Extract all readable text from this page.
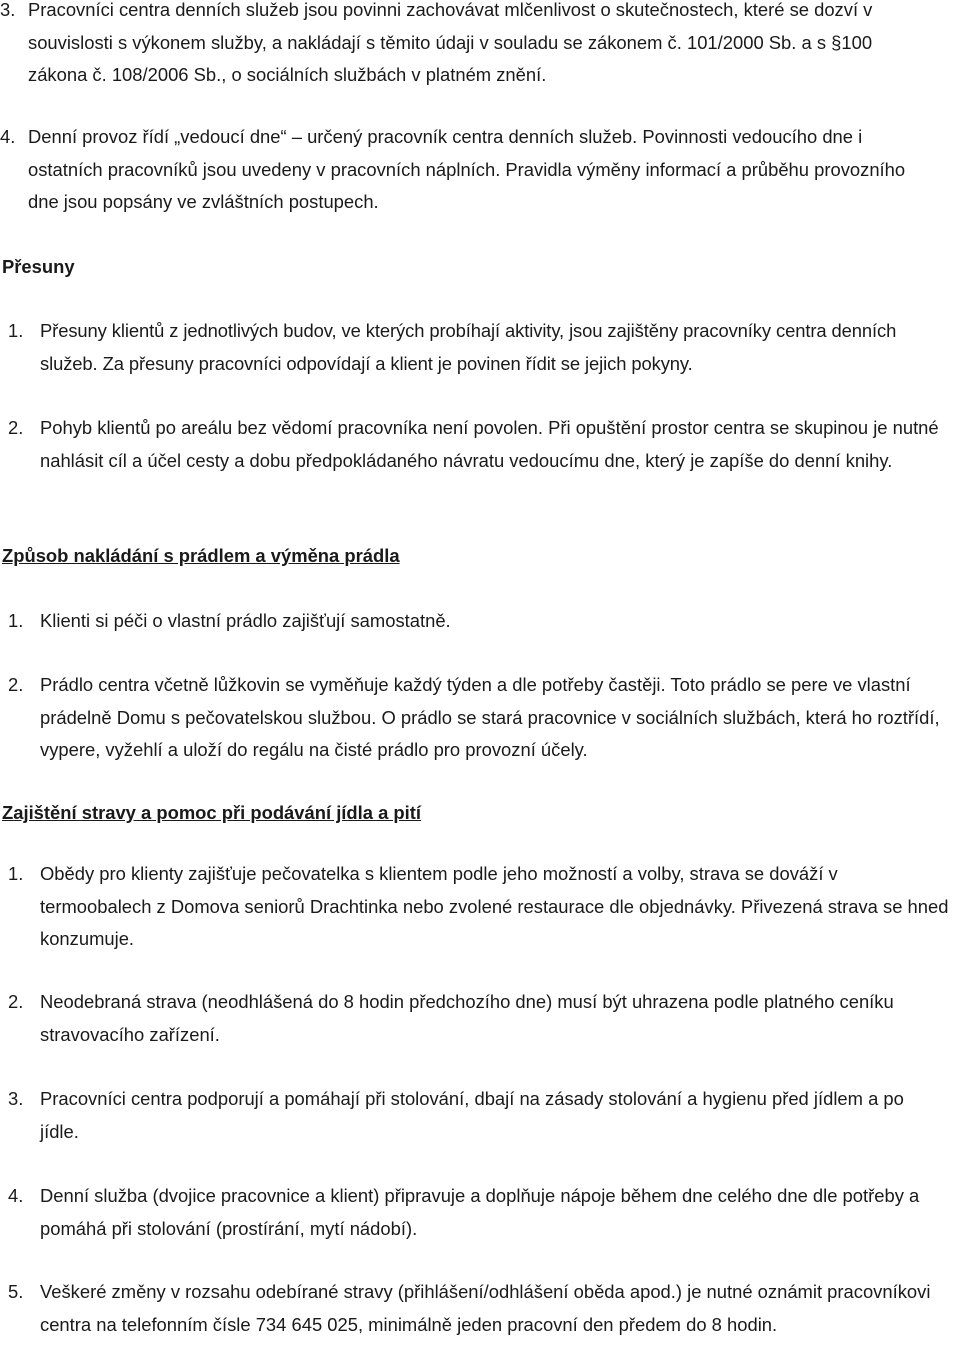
3. Pracovníci centra denních služeb jsou povinni zachovávat mlčenlivost o skutečnostech, které se dozví v souvislosti s výkonem služby, a nakládají s těmito údaji v souladu se zákonem č. 101/2000 Sb. a s §100 zákona č. 108/2006 Sb., o sociálních službách v platném znění.
4. Denní provoz řídí „vedoucí dne“ – určený pracovník centra denních služeb. Povinnosti vedoucího dne i ostatních pracovníků jsou uvedeny v pracovních náplních. Pravidla výměny informací a průběhu provozního dne jsou popsány ve zvláštních postupech.
Přesuny
1. Přesuny klientů z jednotlivých budov, ve kterých probíhají aktivity, jsou zajištěny pracovníky centra denních služeb. Za přesuny pracovníci odpovídají a klient je povinen řídit se jejich pokyny.
2. Pohyb klientů po areálu bez vědomí pracovníka není povolen. Při opuštění prostor centra se skupinou je nutné nahlásit cíl a účel cesty a dobu předpokládaného návratu vedoucímu dne, který je zapíše do denní knihy.
Způsob nakládání s prádlem a výměna prádla
1. Klienti si péči o vlastní prádlo zajišťují samostatně.
2. Prádlo centra včetně lůžkovin se vyměňuje každý týden a dle potřeby častěji. Toto prádlo se pere ve vlastní prádelně Domu s pečovatelskou službou. O prádlo se stará pracovnice v sociálních službách, která ho roztřídí, vypere, vyžehlí a uloží do regálu na čisté prádlo pro provozní účely.
Zajištění stravy a pomoc při podávání jídla a pití
1. Obědy pro klienty zajišťuje pečovatelka s klientem podle jeho možností a volby, strava se dováží v termoobalech z Domova seniorů Drachtinka nebo zvolené restaurace dle objednávky. Přivezená strava se hned konzumuje.
2. Neodebraná strava (neodhlášená do 8 hodin předchozího dne) musí být uhrazena podle platného ceníku stravovacího zařízení.
3. Pracovníci centra podporují a pomáhají při stolování, dbají na zásady stolování a hygienu před jídlem a po jídle.
4. Denní služba (dvojice pracovnice a klient) připravuje a doplňuje nápoje během dne celého dne dle potřeby a pomáhá při stolování (prostírání, mytí nádobí).
5. Veškeré změny v rozsahu odebírané stravy (přihlášení/odhlášení oběda apod.) je nutné oznámit pracovníkovi centra na telefonním čísle 734 645 025, minimálně jeden pracovní den předem do 8 hodin.
